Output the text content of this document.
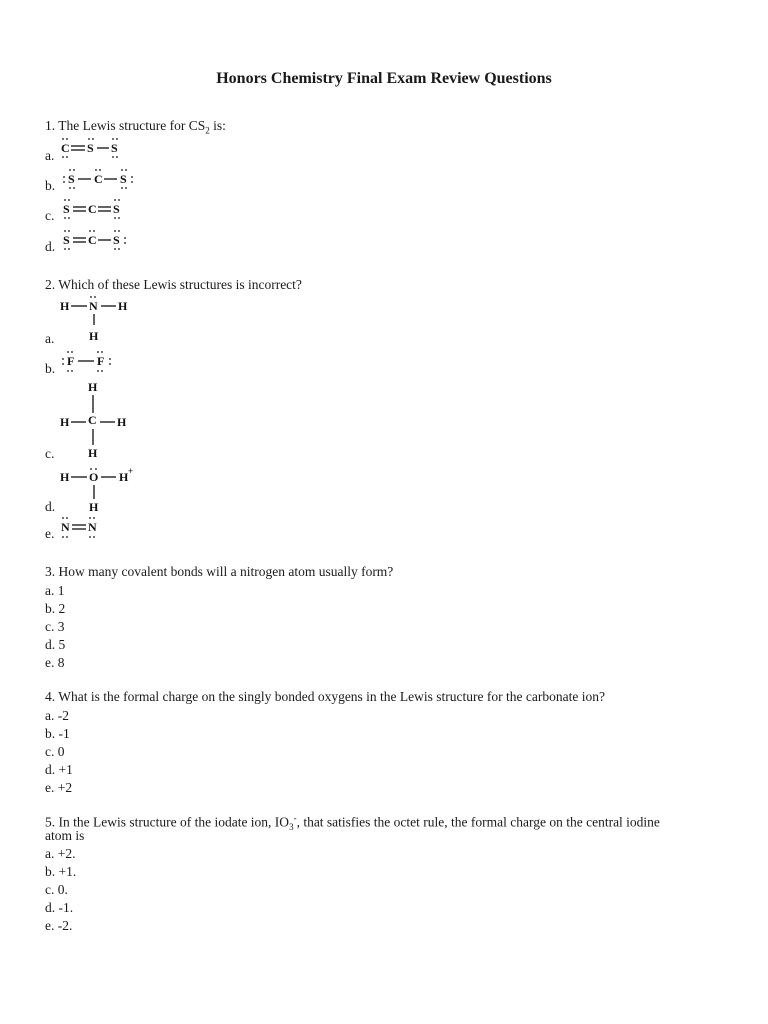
Honors Chemistry Final Exam Review Questions
1. The Lewis structure for $CS_2$ is:
a.
b.
c.
d.
C S S
S C S
S C S
S C S
2. Which of these Lewis structures is incorrect?
a.
b.
c.
d.
e.
H N H
H
F F
H
H C H
H
H O H +
H
N N
3. How many covalent bonds will a nitrogen atom usually form?
a. 1
b. 2
c. 3
d. 5
e. 8
4. What is the formal charge on the singly bonded oxygens in the Lewis structure for the carbonate ion?
a. -2
b. -1
c. 0
d. +1
e. +2
5. In the Lewis structure of the iodate ion, $IO_3^-$, that satisfies the octet rule, the formal charge on the central iodine
atom is
a. +2.
b. +1.
c. 0.
d. -1.
e. -2.
